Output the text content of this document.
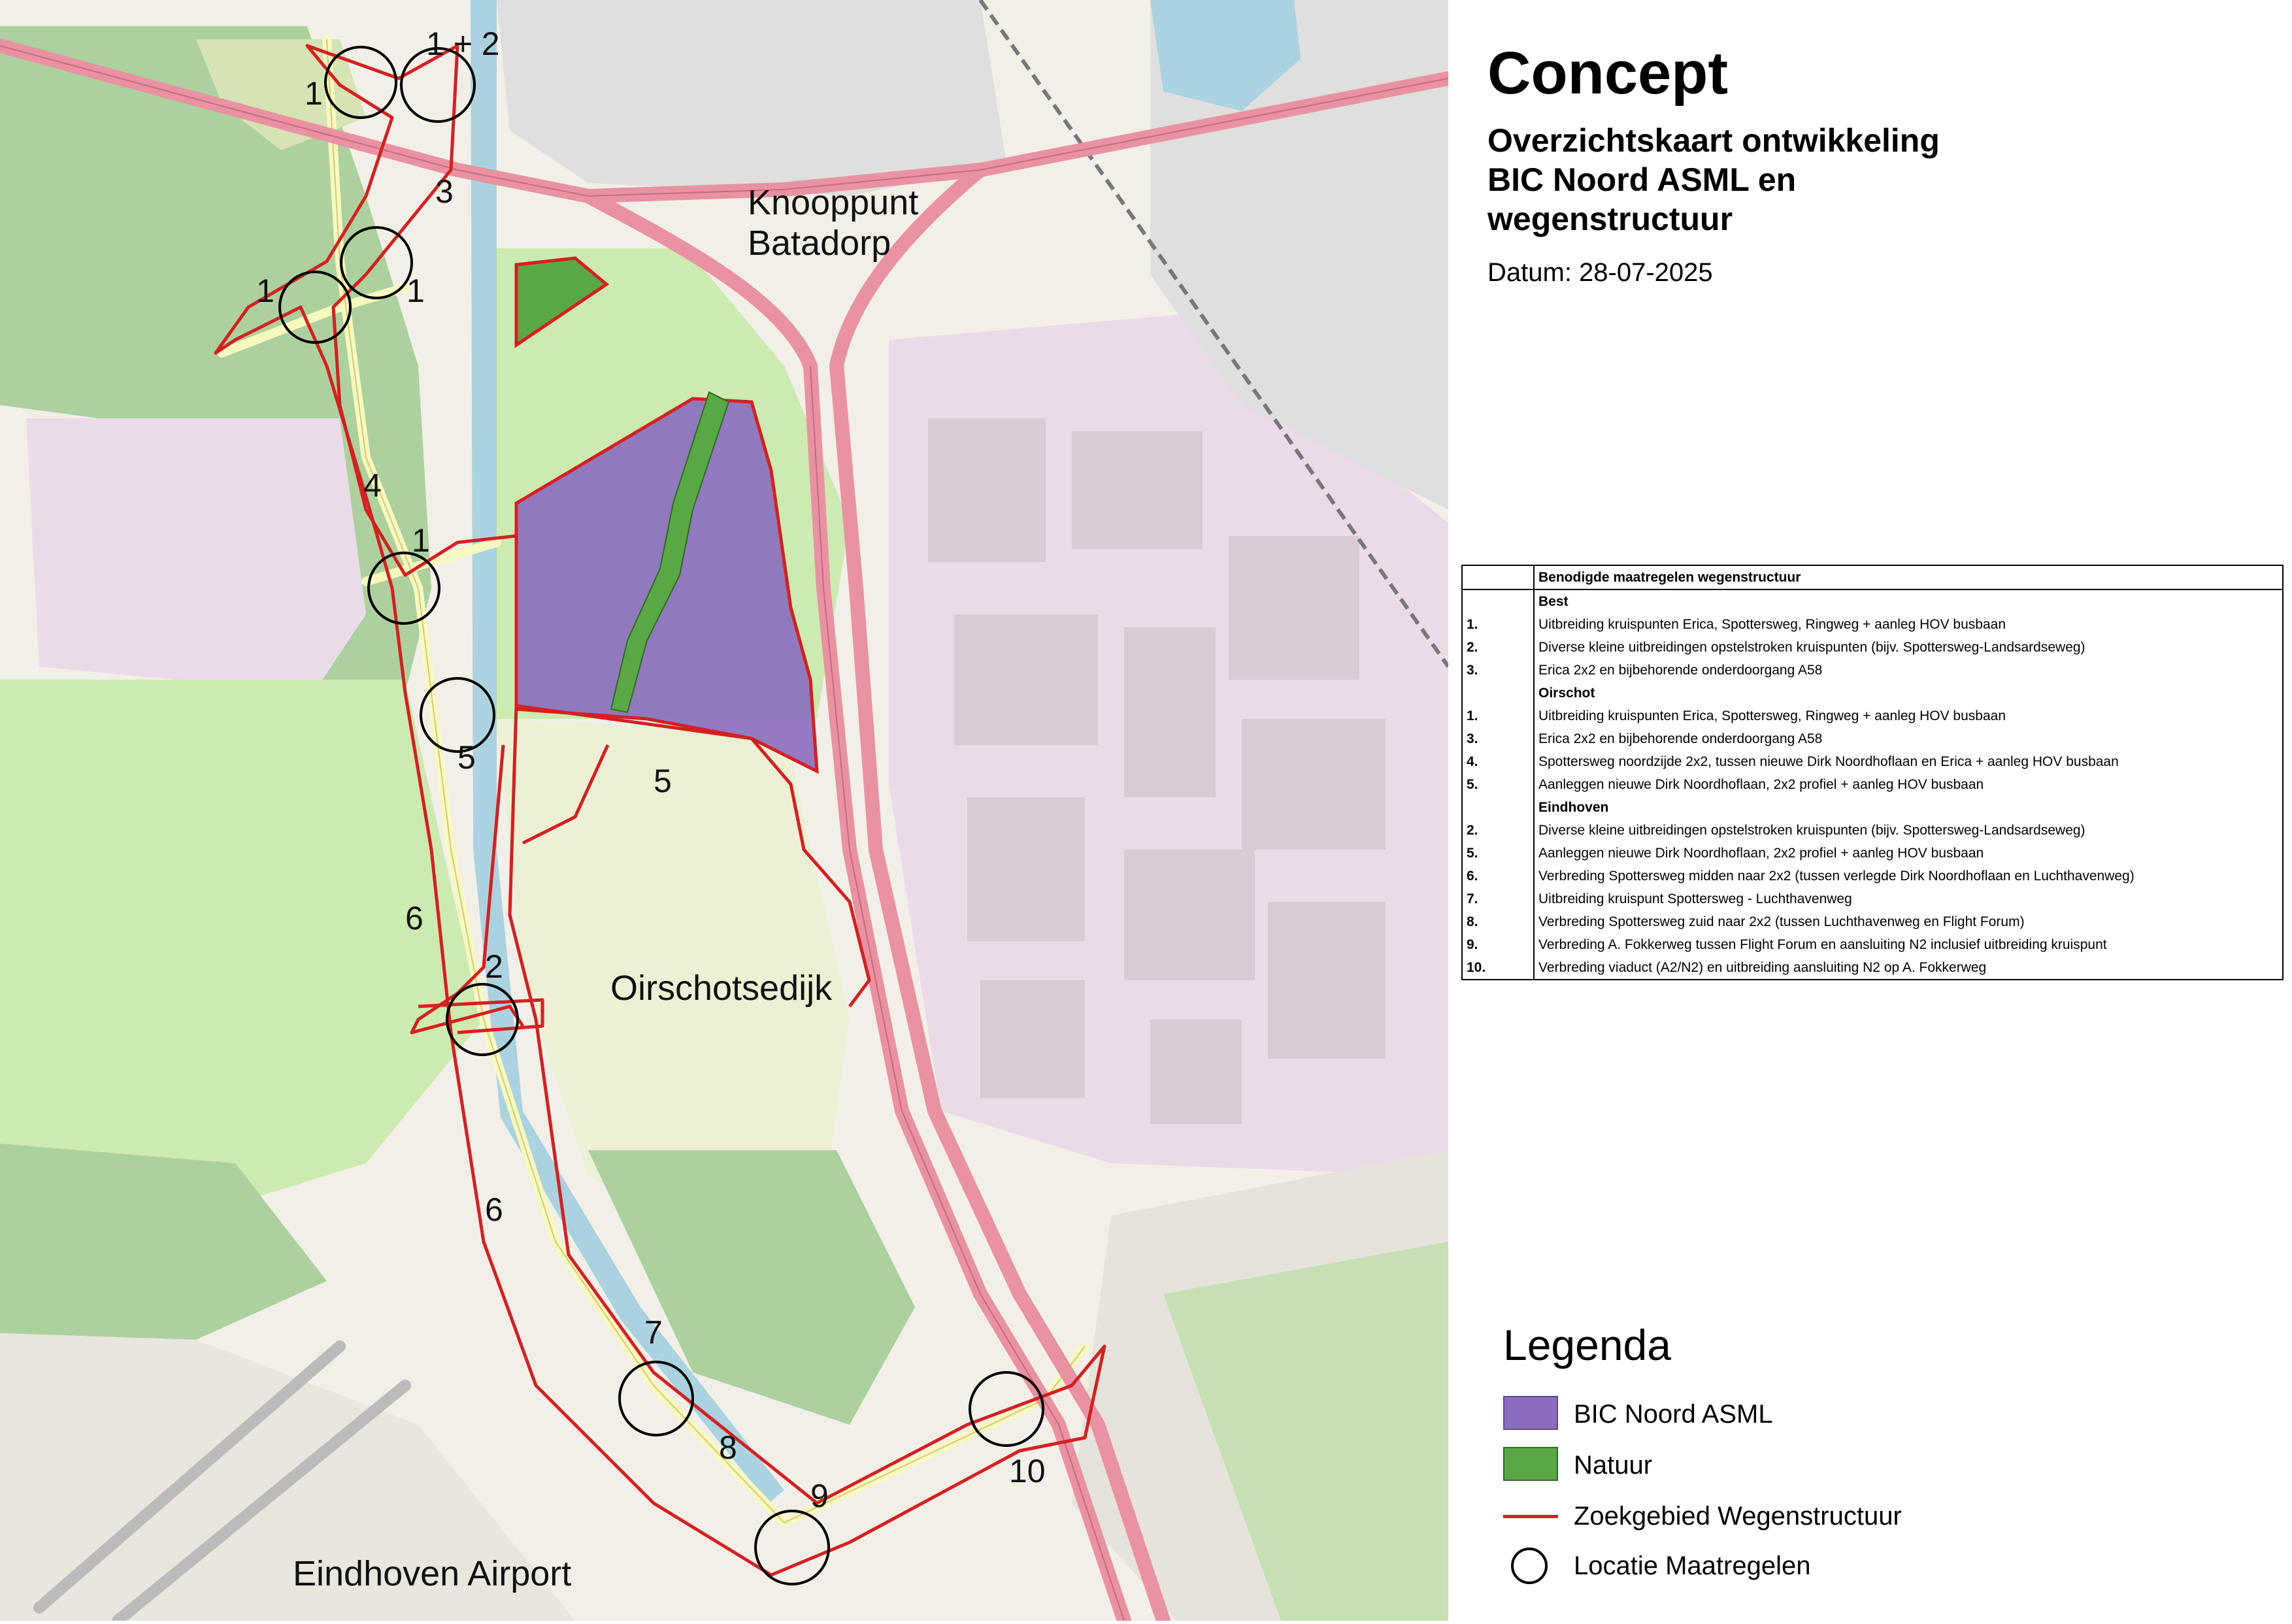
Knooppunt
Batadorp
Oirschotsedijk
Eindhoven Airport
1 + 2
1
3
1
1
4
1
5
5
6
2
6
7
8
9
10
Concept
Overzichtskaart ontwikkeling
BIC Noord ASML en
wegenstructuur
Datum: 28-07-2025
	Benodigde maatregelen wegenstructuur
	Best
1.	Uitbreiding kruispunten Erica, Spottersweg, Ringweg + aanleg HOV busbaan
2.	Diverse kleine uitbreidingen opstelstroken kruispunten (bijv. Spottersweg-Landsardseweg)
3.	Erica 2x2 en bijbehorende onderdoorgang A58
	Oirschot
1.	Uitbreiding kruispunten Erica, Spottersweg, Ringweg + aanleg HOV busbaan
3.	Erica 2x2 en bijbehorende onderdoorgang A58
4.	Spottersweg noordzijde 2x2, tussen nieuwe Dirk Noordhoflaan en Erica + aanleg HOV busbaan
5.	Aanleggen nieuwe Dirk Noordhoflaan, 2x2 profiel + aanleg HOV busbaan
	Eindhoven
2.	Diverse kleine uitbreidingen opstelstroken kruispunten (bijv. Spottersweg-Landsardseweg)
5.	Aanleggen nieuwe Dirk Noordhoflaan, 2x2 profiel + aanleg HOV busbaan
6.	Verbreding Spottersweg midden naar 2x2 (tussen verlegde Dirk Noordhoflaan en Luchthavenweg)
7.	Uitbreiding kruispunt Spottersweg - Luchthavenweg
8.	Verbreding Spottersweg zuid naar 2x2 (tussen Luchthavenweg en Flight Forum)
9.	Verbreding A. Fokkerweg tussen Flight Forum en aansluiting N2 inclusief uitbreiding kruispunt
10.	Verbreding viaduct (A2/N2) en uitbreiding aansluiting N2 op A. Fokkerweg
Legenda
BIC Noord ASML
Natuur
Zoekgebied Wegenstructuur
Locatie Maatregelen
